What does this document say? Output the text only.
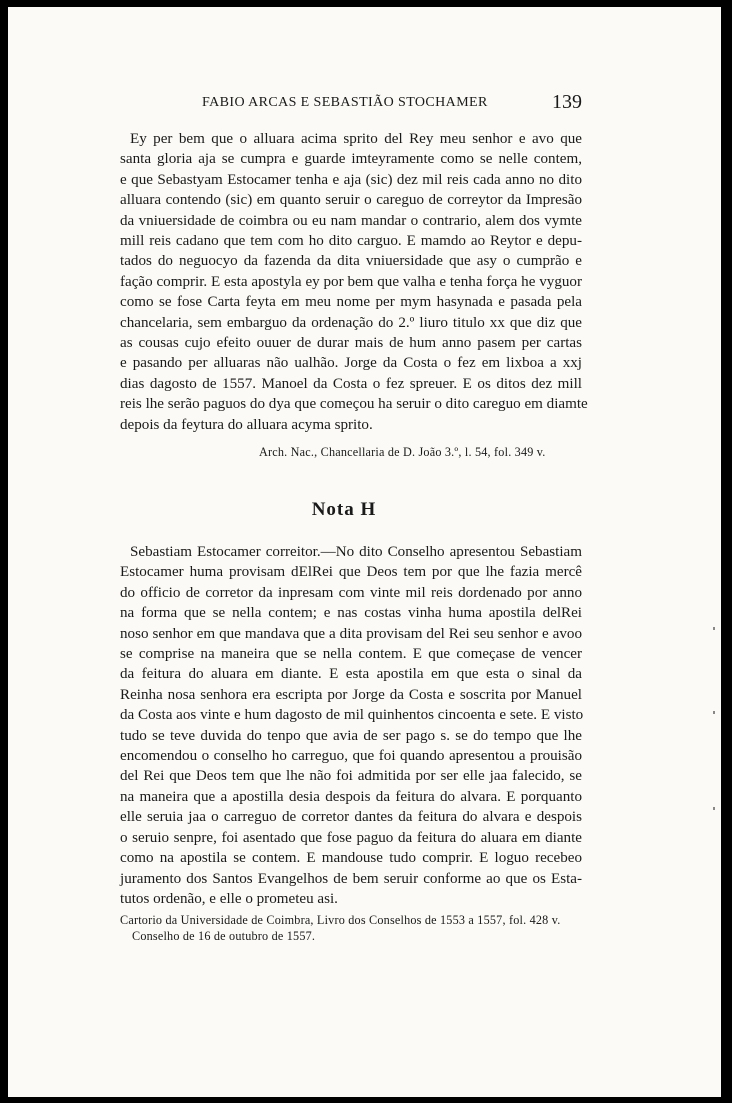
FABIO ARCAS E SEBASTIÃO STOCHAMER	139
Ey per bem que o alluara acima sprito del Rey meu senhor e avo que
santa gloria aja se cumpra e guarde imteyramente como se nelle contem,
e que Sebastyam Estocamer tenha e aja (sic) dez mil reis cada anno no dito
alluara contendo (sic) em quanto seruir o careguo de correytor da Impresão
da vniuersidade de coimbra ou eu nam mandar o contrario, alem dos vymte
mill reis cadano que tem com ho dito carguo. E mamdo ao Reytor e depu-
tados do neguocyo da fazenda da dita vniuersidade que asy o cumprão e
fação comprir. E esta apostyla ey por bem que valha e tenha força he vyguor
como se fose Carta feyta em meu nome per mym hasynada e pasada pela
chancelaria, sem embarguo da ordenação do 2.º liuro titulo xx que diz que
as cousas cujo efeito ouuer de durar mais de hum anno pasem per cartas
e pasando per alluaras não ualhão. Jorge da Costa o fez em lixboa a xxj
dias dagosto de 1557. Manoel da Costa o fez spreuer. E os ditos dez mill
reis lhe serão paguos do dya que começou ha seruir o dito careguo em diamte
depois da feytura do alluara acyma sprito.
Arch. Nac., Chancellaria de D. João 3.º, l. 54, fol. 349 v.
Nota H
Sebastiam Estocamer correitor.—No dito Conselho apresentou Sebastiam
Estocamer huma provisam dElRei que Deos tem por que lhe fazia mercê
do officio de corretor da inpresam com vinte mil reis dordenado por anno
na forma que se nella contem; e nas costas vinha huma apostila delRei
noso senhor em que mandava que a dita provisam del Rei seu senhor e avoo
se comprise na maneira que se nella contem. E que começase de vencer
da feitura do aluara em diante. E esta apostila em que esta o sinal da
Reinha nosa senhora era escripta por Jorge da Costa e soscrita por Manuel
da Costa aos vinte e hum dagosto de mil quinhentos cincoenta e sete. E visto
tudo se teve duvida do tenpo que avia de ser pago s. se do tempo que lhe
encomendou o conselho ho carreguo, que foi quando apresentou a prouisão
del Rei que Deos tem que lhe não foi admitida por ser elle jaa falecido, se
na maneira que a apostilla desia despois da feitura do alvara. E porquanto
elle seruia jaa o carreguo de corretor dantes da feitura do alvara e despois
o seruio senpre, foi asentado que fose paguo da feitura do aluara em diante
como na apostila se contem. E mandouse tudo comprir. E loguo recebeo
juramento dos Santos Evangelhos de bem seruir conforme ao que os Esta-
tutos ordenão, e elle o prometeu asi.
Cartorio da Universidade de Coimbra, Livro dos Conselhos de 1553 a 1557, fol. 428 v.
Conselho de 16 de outubro de 1557.
